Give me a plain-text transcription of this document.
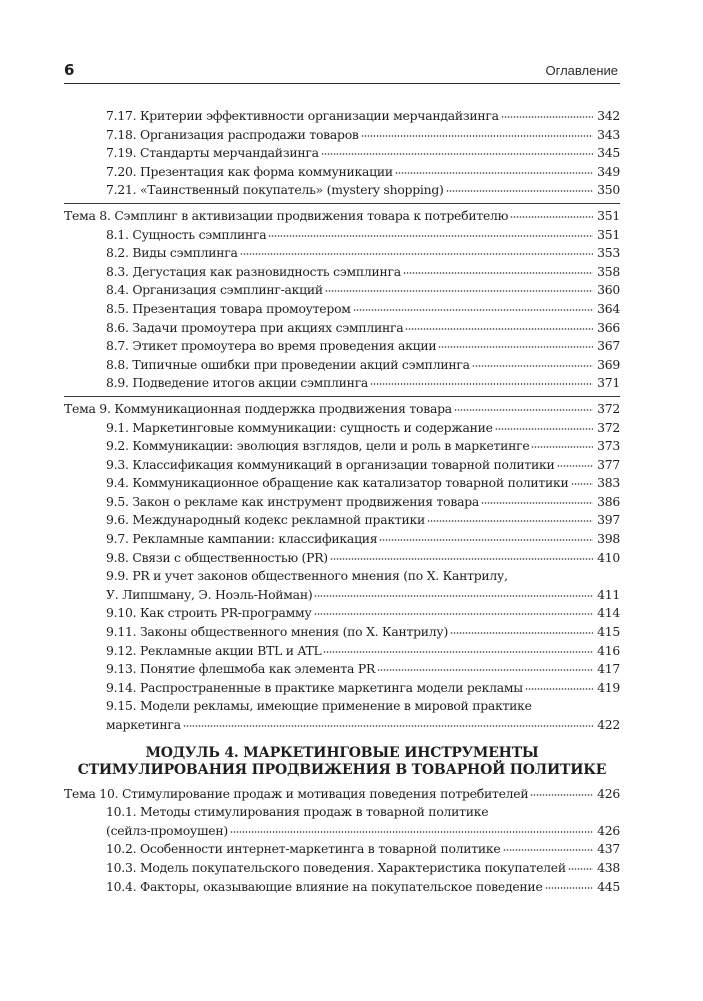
6	Оглавление
7.17. Критерии эффективности организации мерчандайзинга	342
7.18. Организация распродажи товаров	343
7.19. Стандарты мерчандайзинга	345
7.20. Презентация как форма коммуникации	349
7.21. «Таинственный покупатель» (mystery shopping)	350
Тема 8. Сэмплинг в активизации продвижения товара к потребителю	351
8.1. Сущность сэмплинга	351
8.2. Виды сэмплинга	353
8.3. Дегустация как разновидность сэмплинга	358
8.4. Организация сэмплинг-акций	360
8.5. Презентация товара промоутером	364
8.6. Задачи промоутера при акциях сэмплинга	366
8.7. Этикет промоутера во время проведения акции	367
8.8. Типичные ошибки при проведении акций сэмплинга	369
8.9. Подведение итогов акции сэмплинга	371
Тема 9. Коммуникационная поддержка продвижения товара	372
9.1. Маркетинговые коммуникации: сущность и содержание	372
9.2. Коммуникации: эволюция взглядов, цели и роль в маркетинге	373
9.3. Классификация коммуникаций в организации товарной политики	377
9.4. Коммуникационное обращение как катализатор товарной политики 383
9.5. Закон о рекламе как инструмент продвижения товара	386
9.6. Международный кодекс рекламной практики	397
9.7. Рекламные кампании: классификация	398
9.8. Связи с общественностью (PR)	410
9.9. PR и учет законов общественного мнения (по Х. Кантрилу,
У. Липшману, Э. Ноэль-Нойман)	411
9.10. Как строить PR-программу	414
9.11. Законы общественного мнения (по Х. Кантрилу)	415
9.12. Рекламные акции BTL и ATL	416
9.13. Понятие флешмоба как элемента PR	417
9.14. Распространенные в практике маркетинга модели рекламы	419
9.15. Модели рекламы, имеющие применение в мировой практике
маркетинга	422
МОДУЛЬ 4. МАРКЕТИНГОВЫЕ ИНСТРУМЕНТЫ
СТИМУЛИРОВАНИЯ ПРОДВИЖЕНИЯ В ТОВАРНОЙ ПОЛИТИКЕ
Тема 10. Стимулирование продаж и мотивация поведения потребителей	426
10.1. Методы стимулирования продаж в товарной политике
(сейлз-промоушен)	426
10.2. Особенности интернет-маркетинга в товарной политике	437
10.3. Модель покупательского поведения. Характеристика покупателей	438
10.4. Факторы, оказывающие влияние на покупательское поведение	445
